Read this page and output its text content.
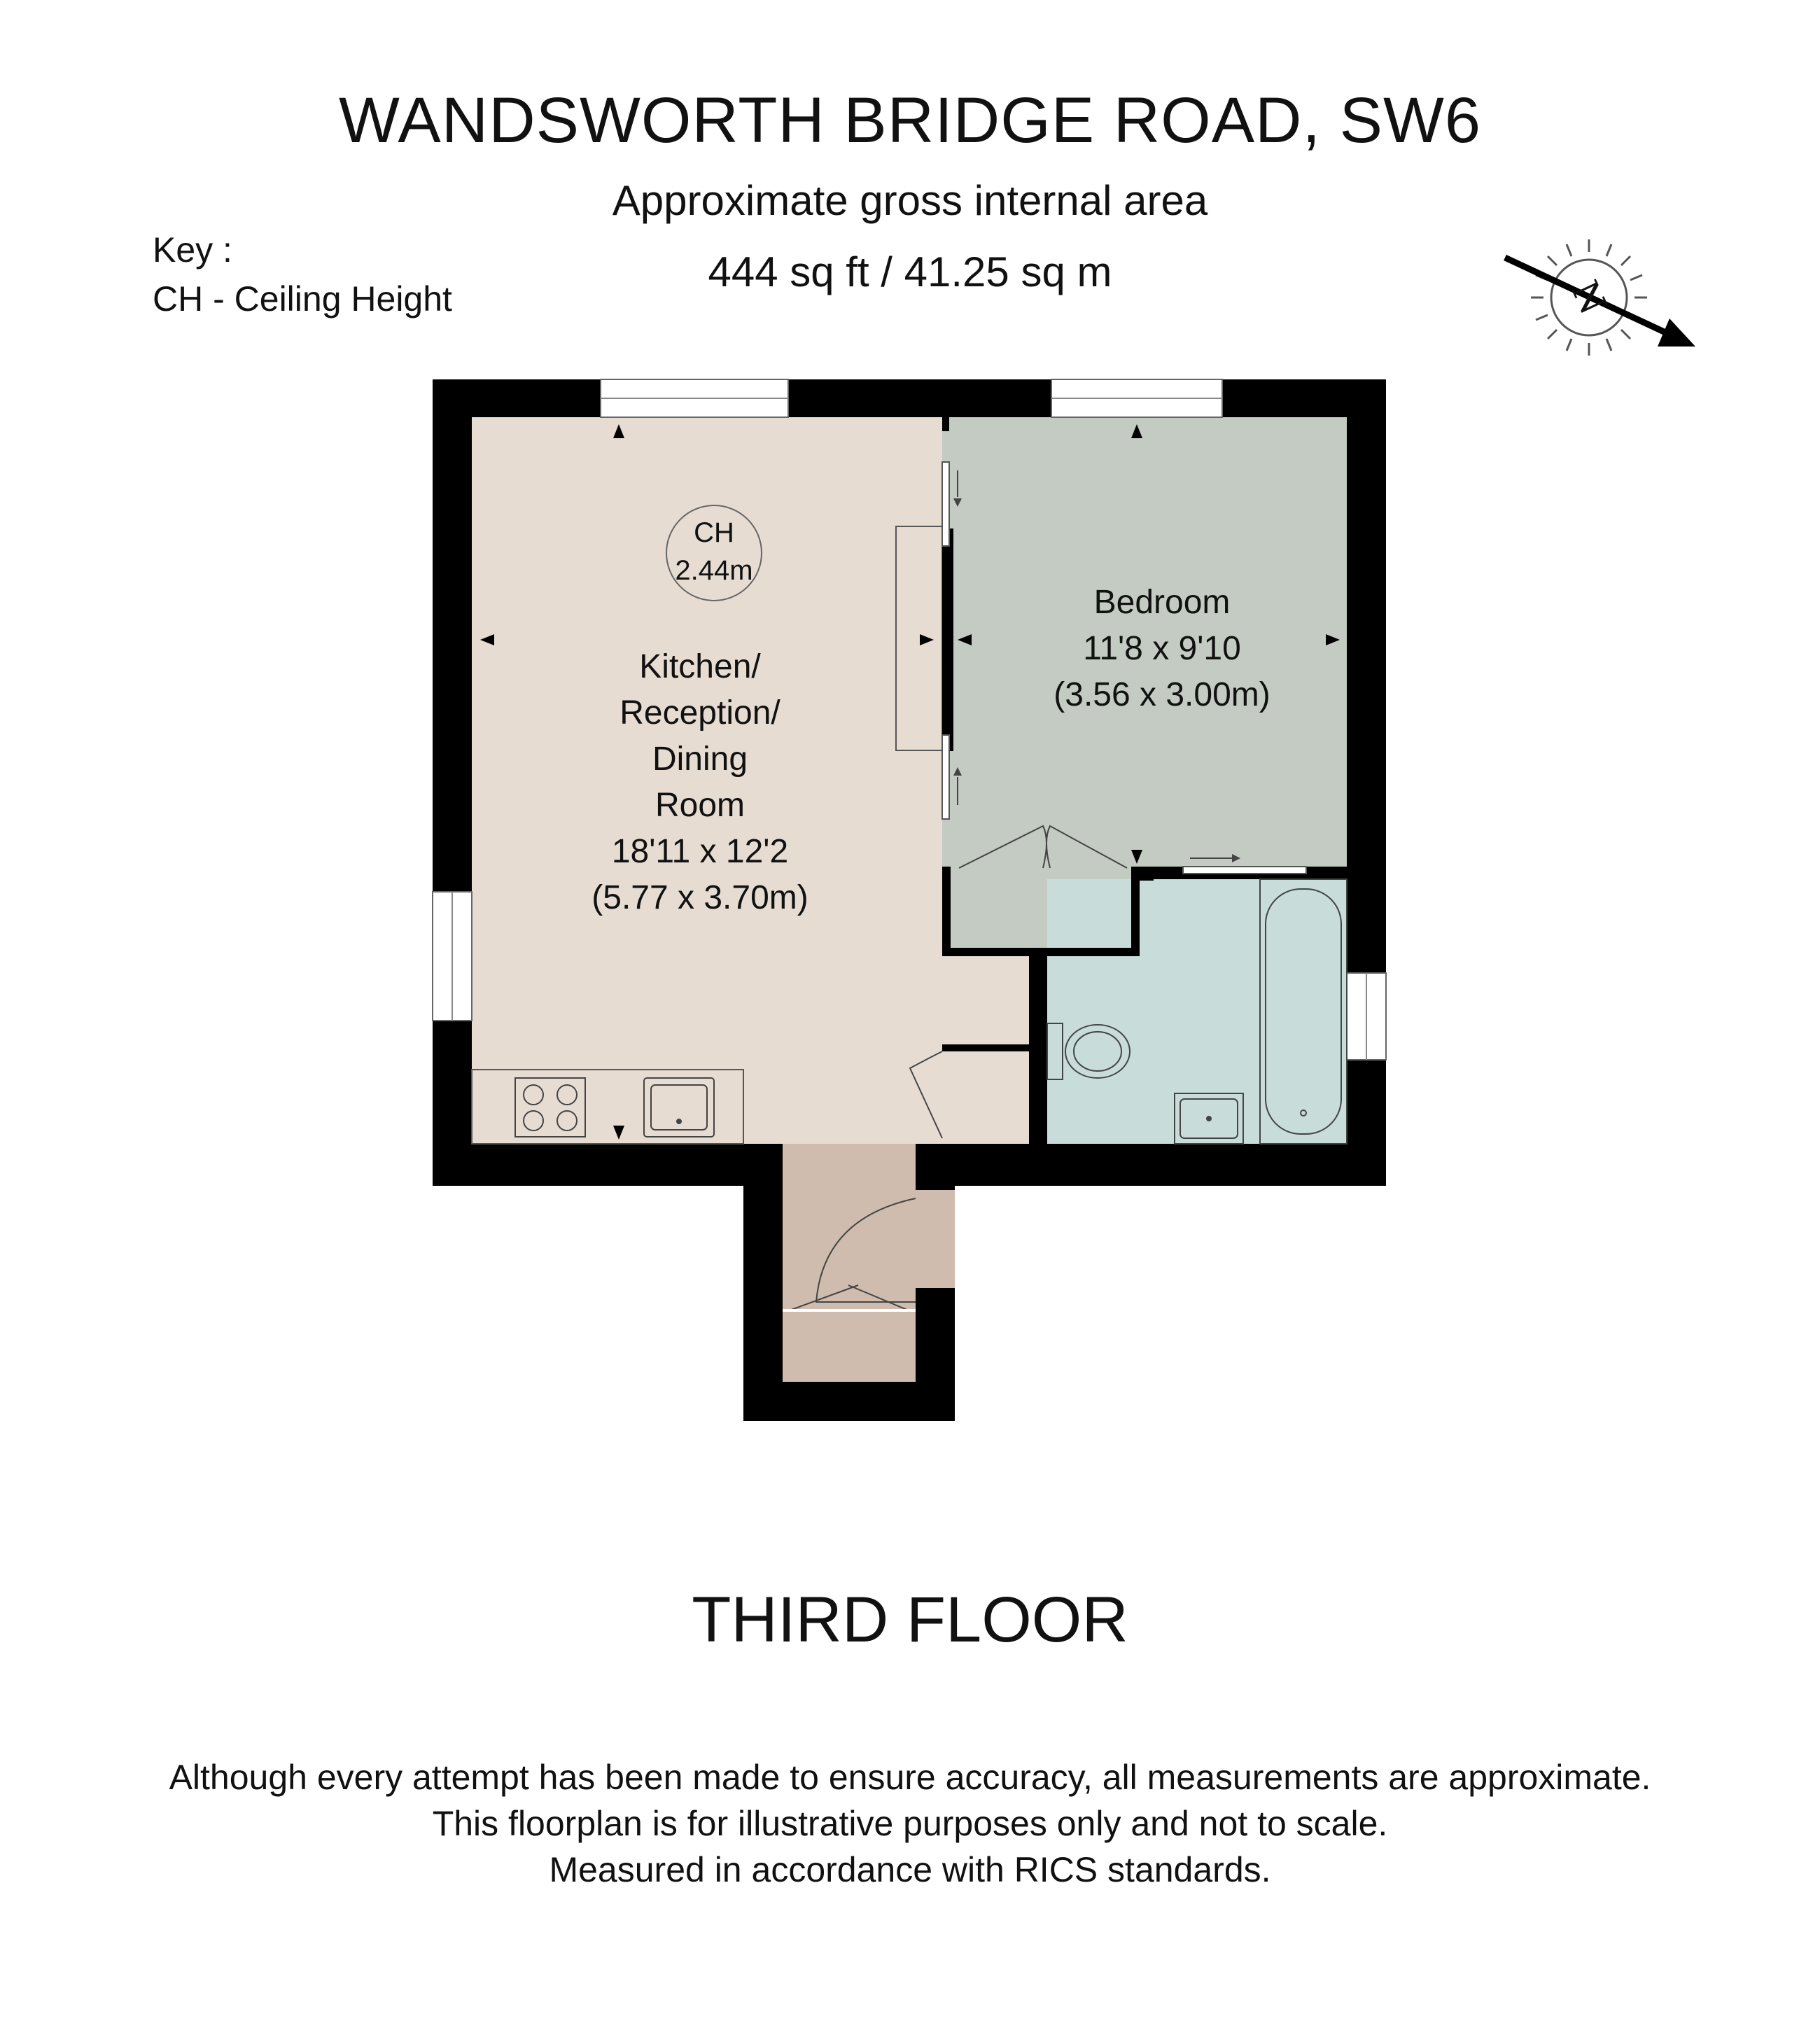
WANDSWORTH BRIDGE ROAD, SW6
Approximate gross internal area
444 sq ft / 41.25 sq m
Key :
CH - Ceiling Height	N
CH
2.44m
Kitchen/
Reception/
Dining
Room
18'11 x 12'2
(5.77 x 3.70m)
Bedroom
11'8 x 9'10
(3.56 x 3.00m)
THIRD FLOOR
Although every attempt has been made to ensure accuracy, all measurements are approximate.
This floorplan is for illustrative purposes only and not to scale.
Measured in accordance with RICS standards.
